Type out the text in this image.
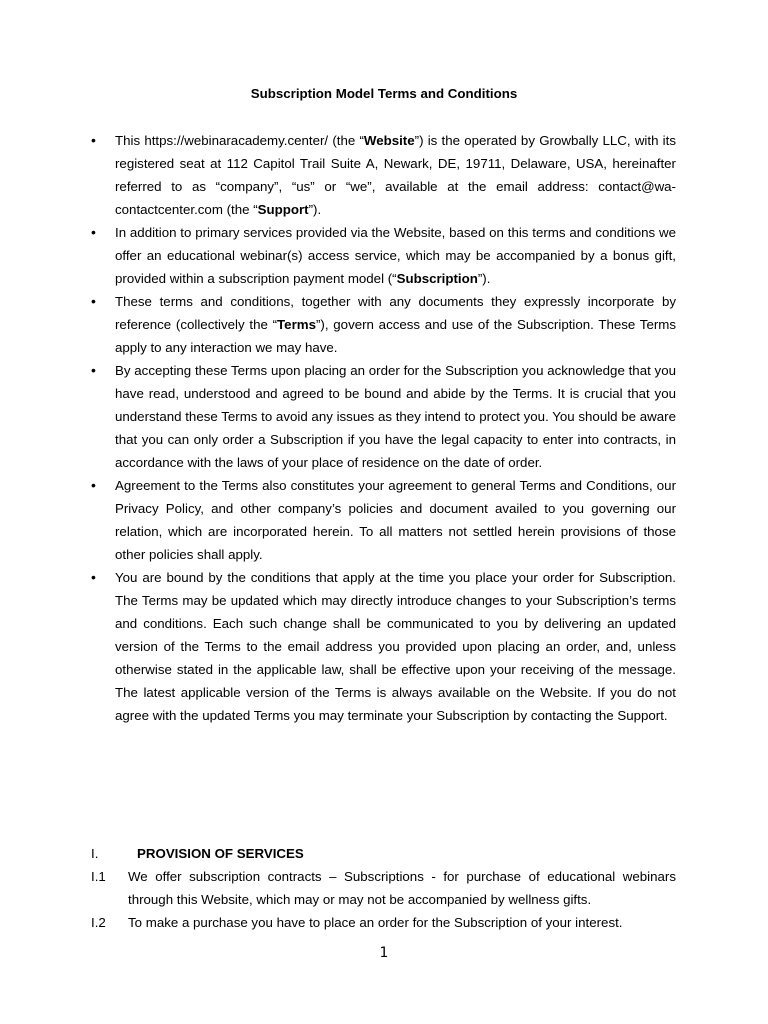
Subscription Model Terms and Conditions
• This https://webinaracademy.center/ (the “Website”) is the operated by Growbally LLC, with its registered seat at 112 Capitol Trail Suite A, Newark, DE, 19711, Delaware, USA, hereinafter referred to as “company”, “us” or “we”, available at the email address: contact@wa-contactcenter.com (the “Support”).
• In addition to primary services provided via the Website, based on this terms and conditions we offer an educational webinar(s) access service, which may be accompanied by a bonus gift, provided within a subscription payment model (“Subscription”).
• These terms and conditions, together with any documents they expressly incorporate by reference (collectively the “Terms”), govern access and use of the Subscription. These Terms apply to any interaction we may have.
• By accepting these Terms upon placing an order for the Subscription you acknowledge that you have read, understood and agreed to be bound and abide by the Terms. It is crucial that you understand these Terms to avoid any issues as they intend to protect you. You should be aware that you can only order a Subscription if you have the legal capacity to enter into contracts, in accordance with the laws of your place of residence on the date of order.
• Agreement to the Terms also constitutes your agreement to general Terms and Conditions, our Privacy Policy, and other company’s policies and document availed to you governing our relation, which are incorporated herein. To all matters not settled herein provisions of those other policies shall apply.
• You are bound by the conditions that apply at the time you place your order for Subscription. The Terms may be updated which may directly introduce changes to your Subscription’s terms and conditions. Each such change shall be communicated to you by delivering an updated version of the Terms to the email address you provided upon placing an order, and, unless otherwise stated in the applicable law, shall be effective upon your receiving of the message. The latest applicable version of the Terms is always available on the Website. If you do not agree with the updated Terms you may terminate your Subscription by contacting the Support.
I.	PROVISION OF SERVICES
I.1 We offer subscription contracts – Subscriptions - for purchase of educational webinars through this Website, which may or may not be accompanied by wellness gifts.
I.2 To make a purchase you have to place an order for the Subscription of your interest.
1
